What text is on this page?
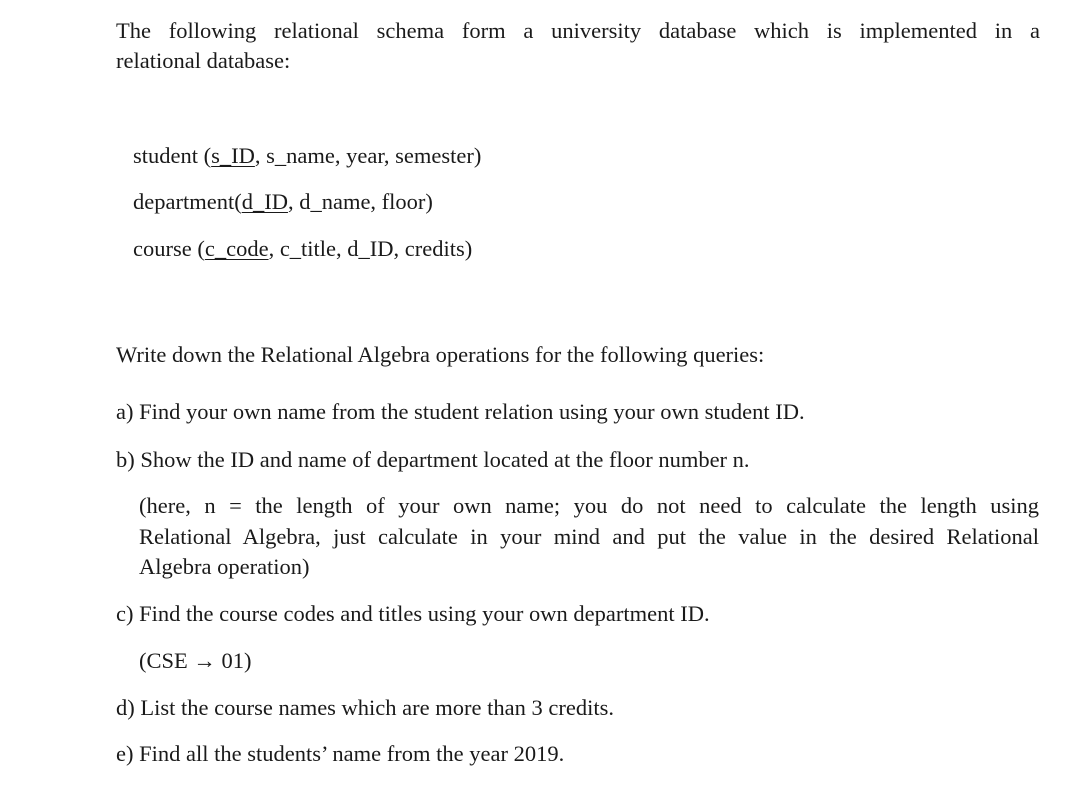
The following relational schema form a university database which is implemented in a
relational database:
student (s_ID, s_name, year, semester)
department(d_ID, d_name, floor)
course (c_code, c_title, d_ID, credits)
Write down the Relational Algebra operations for the following queries:
a) Find your own name from the student relation using your own student ID.
b) Show the ID and name of department located at the floor number n.
(here, n = the length of your own name; you do not need to calculate the length using
Relational Algebra, just calculate in your mind and put the value in the desired Relational
Algebra operation)
c) Find the course codes and titles using your own department ID.
(CSE → 01)
d) List the course names which are more than 3 credits.
e) Find all the students’ name from the year 2019.
